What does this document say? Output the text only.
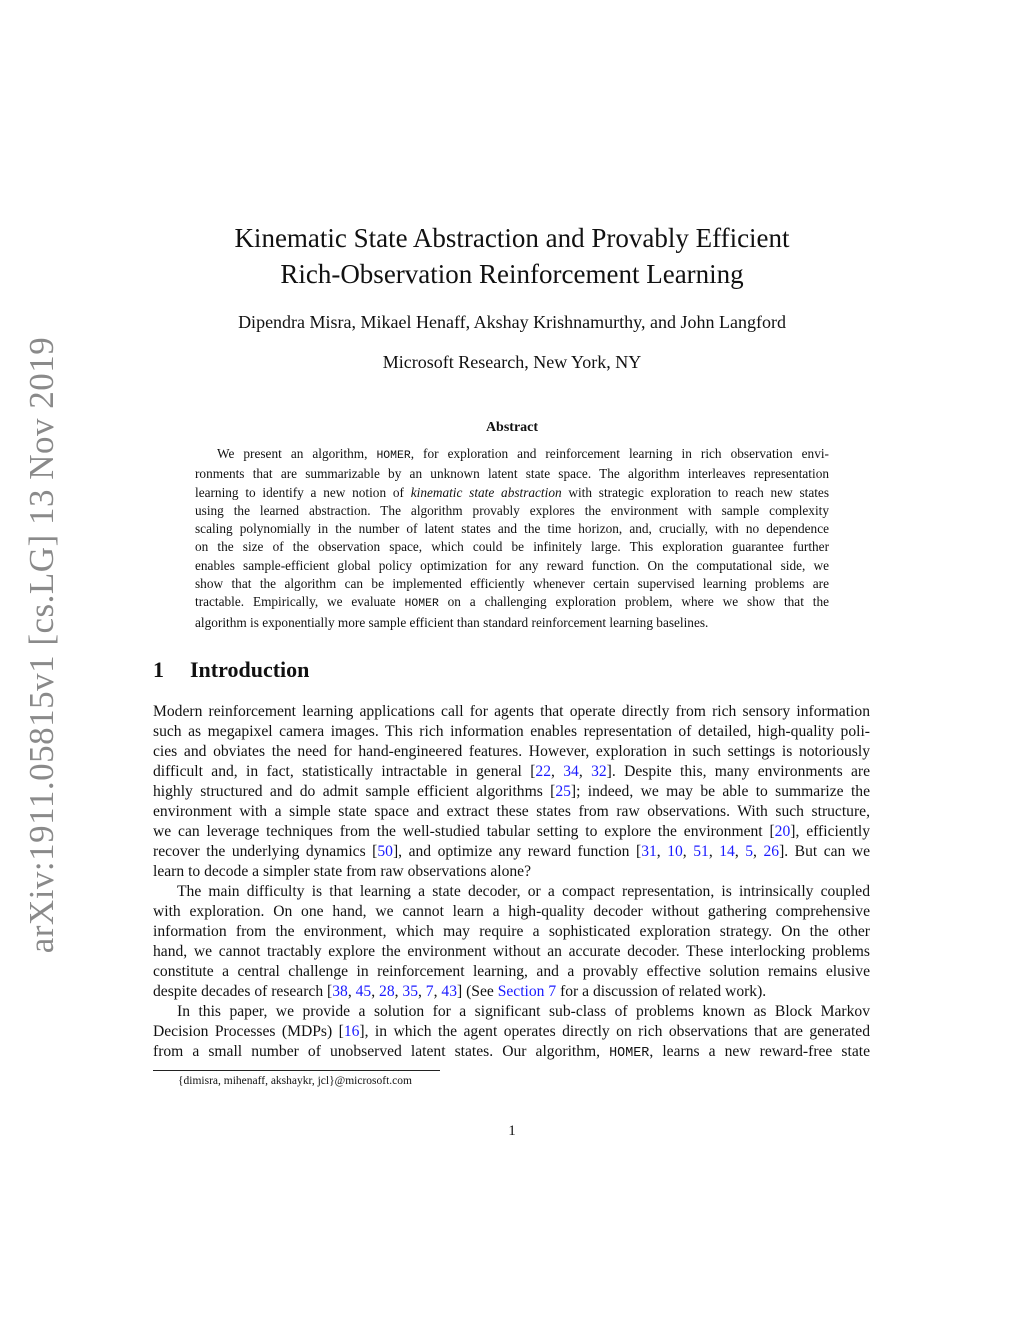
arXiv:1911.05815v1 [cs.LG] 13 Nov 2019
Kinematic State Abstraction and Provably Efficient
Rich-Observation Reinforcement Learning
Dipendra Misra, Mikael Henaff, Akshay Krishnamurthy, and John Langford
Microsoft Research, New York, NY
Abstract
We present an algorithm, HOMER, for exploration and reinforcement learning in rich observation envi-
ronments that are summarizable by an unknown latent state space. The algorithm interleaves representation
learning to identify a new notion of kinematic state abstraction with strategic exploration to reach new states
using the learned abstraction. The algorithm provably explores the environment with sample complexity
scaling polynomially in the number of latent states and the time horizon, and, crucially, with no dependence
on the size of the observation space, which could be infinitely large. This exploration guarantee further
enables sample-efficient global policy optimization for any reward function. On the computational side, we
show that the algorithm can be implemented efficiently whenever certain supervised learning problems are
tractable. Empirically, we evaluate HOMER on a challenging exploration problem, where we show that the
algorithm is exponentially more sample efficient than standard reinforcement learning baselines.
1 Introduction
Modern reinforcement learning applications call for agents that operate directly from rich sensory information
such as megapixel camera images. This rich information enables representation of detailed, high-quality poli-
cies and obviates the need for hand-engineered features. However, exploration in such settings is notoriously
difficult and, in fact, statistically intractable in general [22, 34, 32]. Despite this, many environments are
highly structured and do admit sample efficient algorithms [25]; indeed, we may be able to summarize the
environment with a simple state space and extract these states from raw observations. With such structure,
we can leverage techniques from the well-studied tabular setting to explore the environment [20], efficiently
recover the underlying dynamics [50], and optimize any reward function [31, 10, 51, 14, 5, 26]. But can we
learn to decode a simpler state from raw observations alone?
The main difficulty is that learning a state decoder, or a compact representation, is intrinsically coupled
with exploration. On one hand, we cannot learn a high-quality decoder without gathering comprehensive
information from the environment, which may require a sophisticated exploration strategy. On the other
hand, we cannot tractably explore the environment without an accurate decoder. These interlocking problems
constitute a central challenge in reinforcement learning, and a provably effective solution remains elusive
despite decades of research [38, 45, 28, 35, 7, 43] (See Section 7 for a discussion of related work).
In this paper, we provide a solution for a significant sub-class of problems known as Block Markov
Decision Processes (MDPs) [16], in which the agent operates directly on rich observations that are generated
from a small number of unobserved latent states. Our algorithm, HOMER, learns a new reward-free state
{dimisra, mihenaff, akshaykr, jcl}@microsoft.com
1
